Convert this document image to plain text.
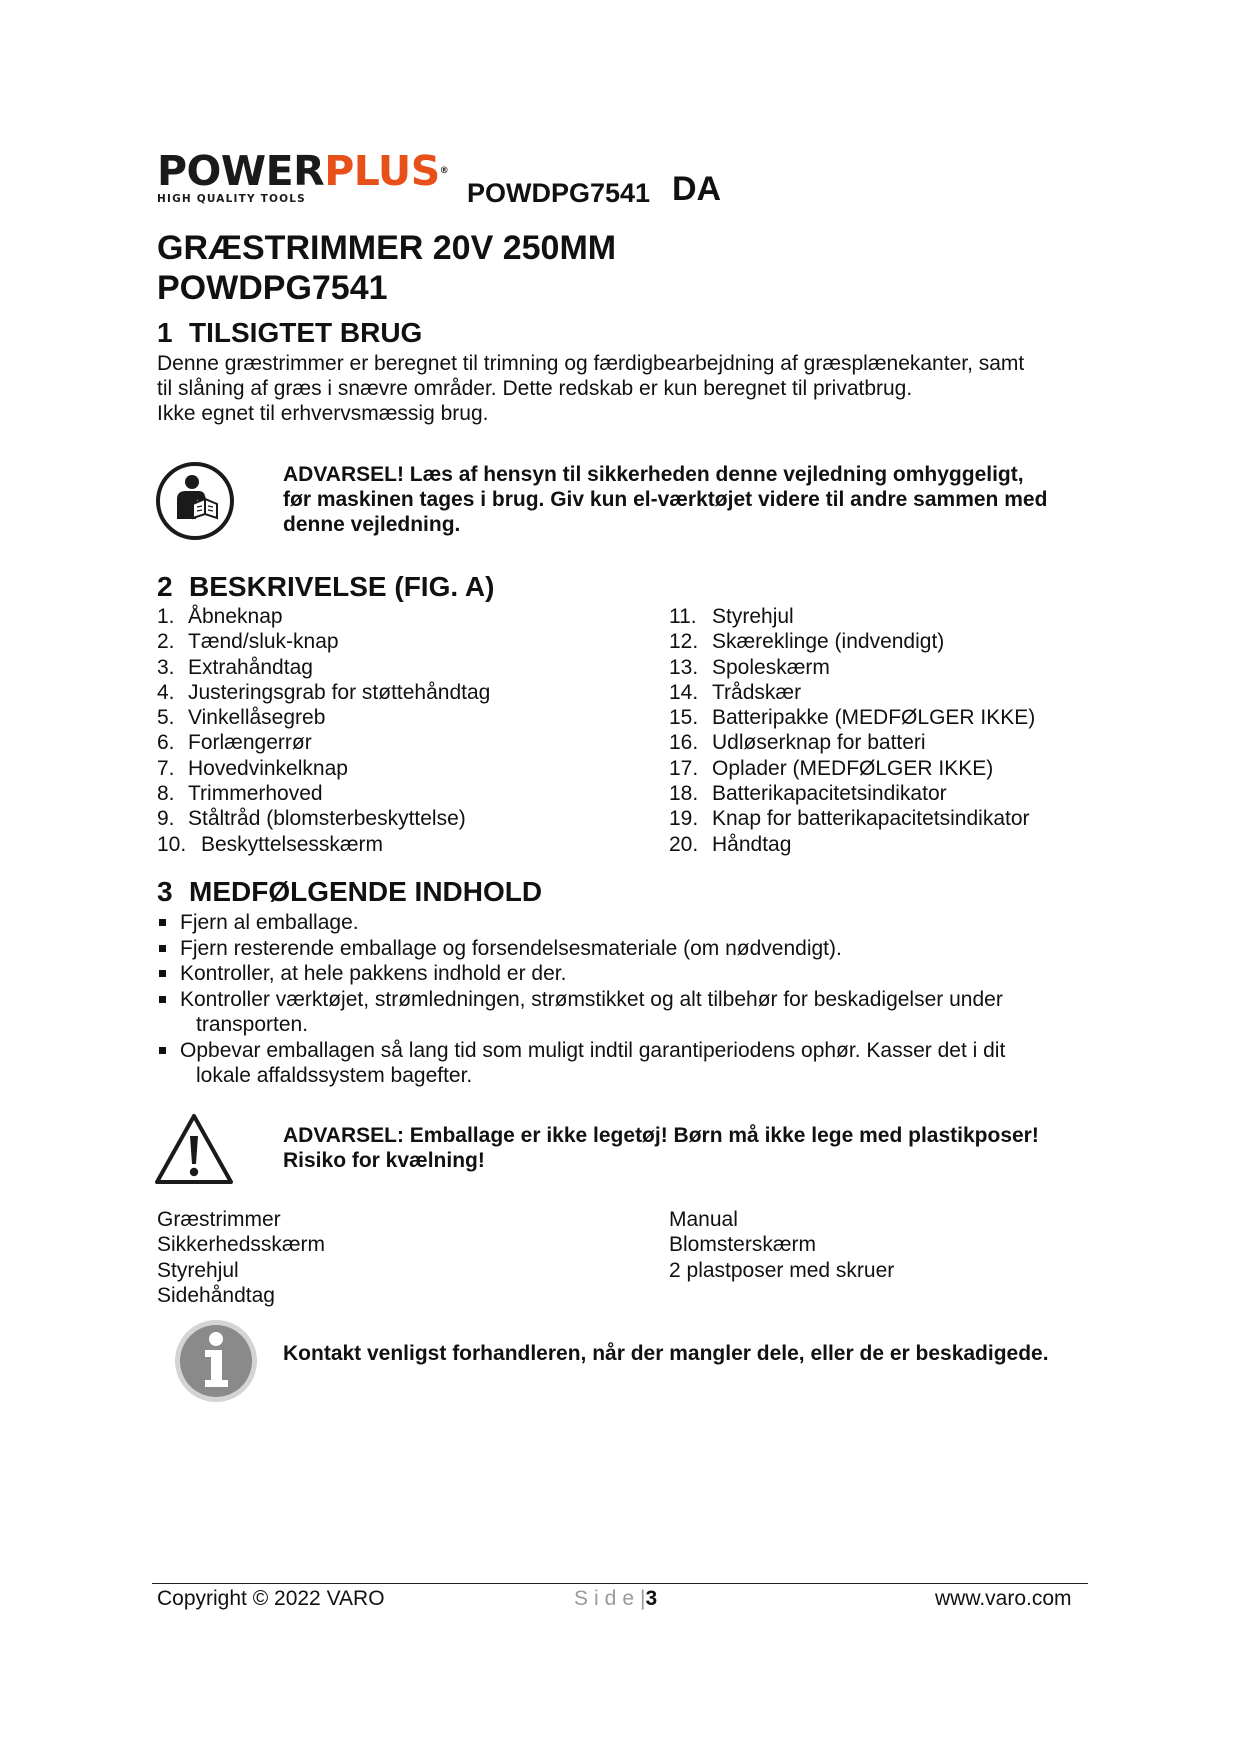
POWERPLUS®
HIGH QUALITY TOOLS	POWDPG7541 DA
GRÆSTRIMMER 20V 250MM
POWDPG7541
1 TILSIGTET BRUG
Denne græstrimmer er beregnet til trimning og færdigbearbejdning af græsplænekanter, samt
til slåning af græs i snævre områder. Dette redskab er kun beregnet til privatbrug.
Ikke egnet til erhvervsmæssig brug.
ADVARSEL! Læs af hensyn til sikkerheden denne vejledning omhyggeligt,
før maskinen tages i brug. Giv kun el-værktøjet videre til andre sammen med
denne vejledning.
2 BESKRIVELSE (FIG. A)
1. Åbneknap
2. Tænd/sluk-knap
3. Extrahåndtag
4. Justeringsgrab for støttehåndtag
5. Vinkellåsegreb
6. Forlængerrør
7. Hovedvinkelknap
8. Trimmerhoved
9. Ståltråd (blomsterbeskyttelse)
10. Beskyttelsesskærm
11. Styrehjul
12. Skæreklinge (indvendigt)
13. Spoleskærm
14. Trådskær
15. Batteripakke (MEDFØLGER IKKE)
16. Udløserknap for batteri
17. Oplader (MEDFØLGER IKKE)
18. Batterikapacitetsindikator
19. Knap for batterikapacitetsindikator
20. Håndtag
3 MEDFØLGENDE INDHOLD
Fjern al emballage.
Fjern resterende emballage og forsendelsesmateriale (om nødvendigt).
Kontroller, at hele pakkens indhold er der.
Kontroller værktøjet, strømledningen, strømstikket og alt tilbehør for beskadigelser under
transporten.
Opbevar emballagen så lang tid som muligt indtil garantiperiodens ophør. Kasser det i dit
lokale affaldssystem bagefter.
ADVARSEL: Emballage er ikke legetøj! Børn må ikke lege med plastikposer!
Risiko for kvælning!
Græstrimmer
Sikkerhedsskærm
Styrehjul
Sidehåndtag
Manual
Blomsterskærm
2 plastposer med skruer
Kontakt venligst forhandleren, når der mangler dele, eller de er beskadigede.
Copyright © 2022 VARO	Side|3	www.varo.com
